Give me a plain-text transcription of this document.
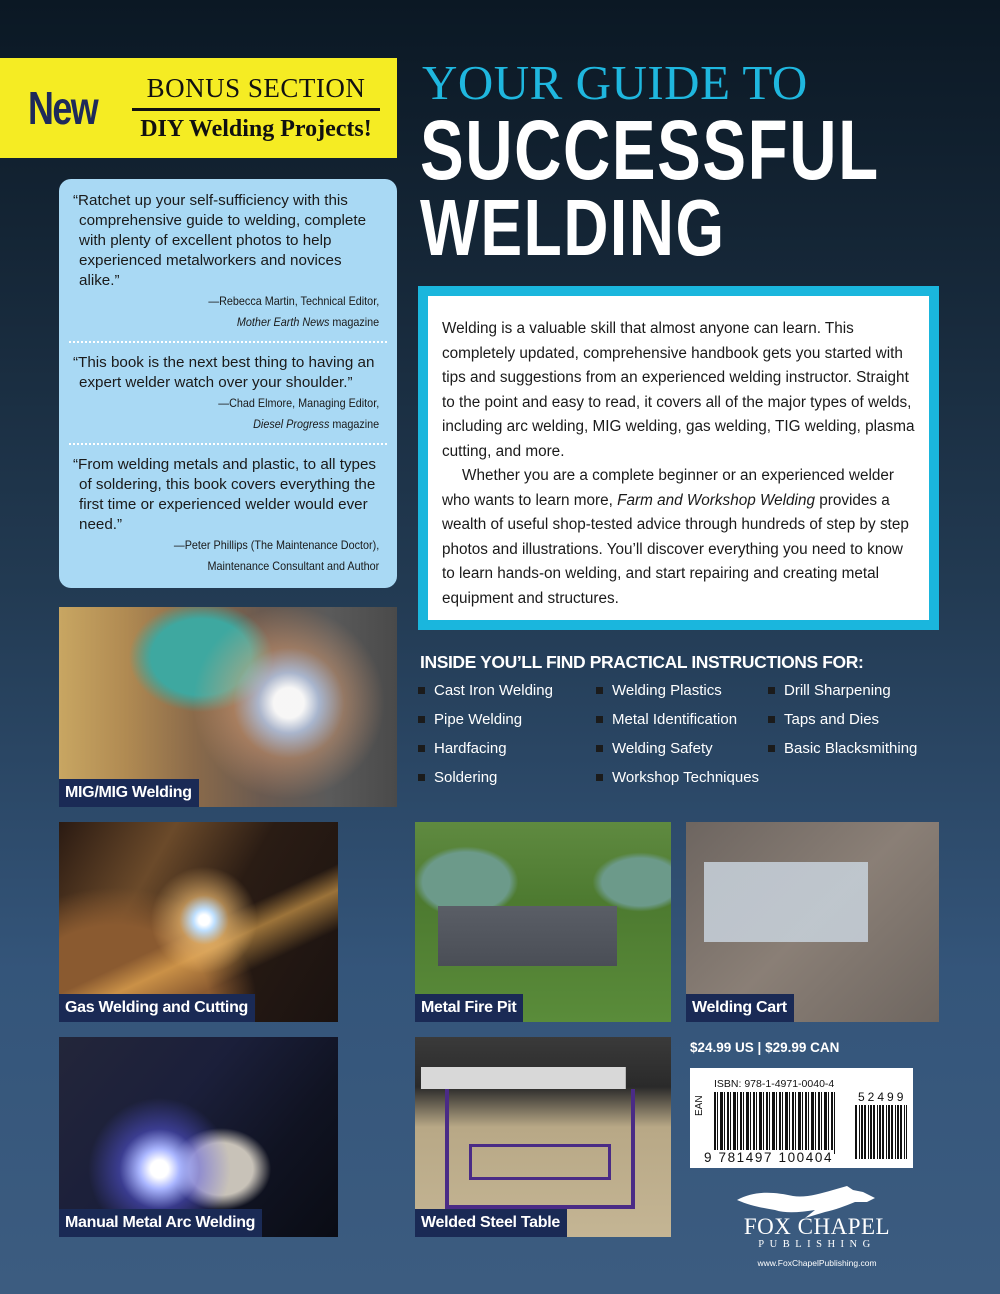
New	BONUS SECTION
DIY Welding Projects!
YOUR GUIDE TO
SUCCESSFUL
WELDING

“Ratchet up your self-sufficiency with this comprehensive guide to welding, complete with plenty of excellent photos to help experienced metalworkers and novices alike.”

—Rebecca Martin, Technical Editor,
Mother Earth News magazine

“This book is the next best thing to having an expert welder watch over your shoulder.”

—Chad Elmore, Managing Editor,
Diesel Progress magazine

“From welding metals and plastic, to all types of soldering, this book covers everything the first time or experienced welder would ever need.”

—Peter Phillips (The Maintenance Doctor),
Maintenance Consultant and Author

Welding is a valuable skill that almost anyone can learn. This completely updated, comprehensive handbook gets you started with tips and suggestions from an experienced welding instructor. Straight to the point and easy to read, it covers all of the major types of welds, including arc welding, MIG welding, gas welding, TIG welding, plasma cutting, and more.

Whether you are a complete beginner or an experienced welder who wants to learn more, Farm and Workshop Welding provides a wealth of useful shop-tested advice through hundreds of step by step photos and illustrations. You’ll discover everything you need to know to learn hands-on welding, and start repairing and creating metal equipment and structures.

INSIDE YOU’LL FIND PRACTICAL INSTRUCTIONS FOR:
Cast Iron Welding	Welding Plastics	Drill Sharpening
Pipe Welding	Metal Identification	Taps and Dies
Hardfacing	Welding Safety	Basic Blacksmithing
Soldering	Workshop Techniques
MIG/MIG Welding
Gas Welding and Cutting	Metal Fire Pit	Welding Cart
Manual Metal Arc Welding	Welded Steel Table
$24.99 US | $29.99 CAN
EAN
ISBN: 978-1-4971-0040-4
9 781497 100404
52499
FOX CHAPEL
PUBLISHING
www.FoxChapelPublishing.com
